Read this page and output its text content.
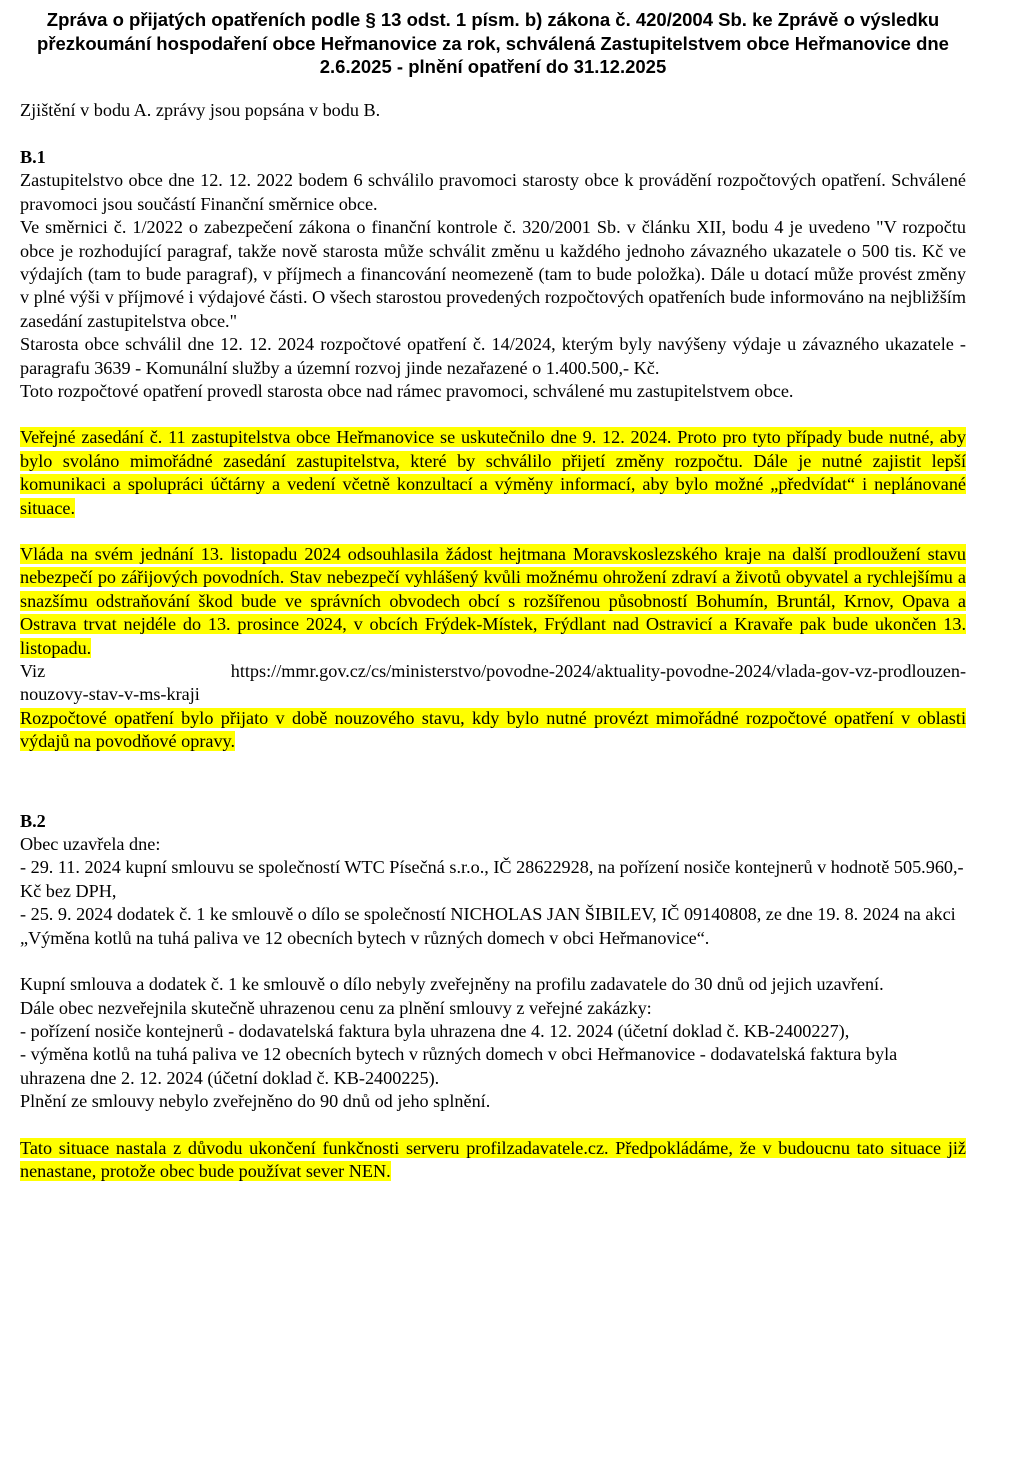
Zpráva o přijatých opatřeních podle § 13 odst. 1 písm. b) zákona č. 420/2004 Sb. ke Zprávě o výsledku přezkoumání hospodaření obce Heřmanovice za rok, schválená Zastupitelstvem obce Heřmanovice dne 2.6.2025 - plnění opatření do 31.12.2025

Zjištění v bodu A. zprávy jsou popsána v bodu B.

B.1

Zastupitelstvo obce dne 12. 12. 2022 bodem 6 schválilo pravomoci starosty obce k provádění rozpočtových opatření. Schválené pravomoci jsou součástí Finanční směrnice obce.

Ve směrnici č. 1/2022 o zabezpečení zákona o finanční kontrole č. 320/2001 Sb. v článku XII, bodu 4 je uvedeno "V rozpočtu obce je rozhodující paragraf, takže nově starosta může schválit změnu u každého jednoho závazného ukazatele o 500 tis. Kč ve výdajích (tam to bude paragraf), v příjmech a financování neomezeně (tam to bude položka). Dále u dotací může provést změny v plné výši v příjmové i výdajové části. O všech starostou provedených rozpočtových opatřeních bude informováno na nejbližším zasedání zastupitelstva obce."

Starosta obce schválil dne 12. 12. 2024 rozpočtové opatření č. 14/2024, kterým byly navýšeny výdaje u závazného ukazatele - paragrafu 3639 - Komunální služby a územní rozvoj jinde nezařazené o 1.400.500,- Kč.

Toto rozpočtové opatření provedl starosta obce nad rámec pravomoci, schválené mu zastupitelstvem obce.

Veřejné zasedání č. 11 zastupitelstva obce Heřmanovice se uskutečnilo dne 9. 12. 2024. Proto pro tyto případy bude nutné, aby bylo svoláno mimořádné zasedání zastupitelstva, které by schválilo přijetí změny rozpočtu. Dále je nutné zajistit lepší komunikaci a spolupráci účtárny a vedení včetně konzultací a výměny informací, aby bylo možné „předvídat“ i neplánované situace.

Vláda na svém jednání 13. listopadu 2024 odsouhlasila žádost hejtmana Moravskoslezského kraje na další prodloužení stavu nebezpečí po zářijových povodních. Stav nebezpečí vyhlášený kvůli možnému ohrožení zdraví a životů obyvatel a rychlejšímu a snazšímu odstraňování škod bude ve správních obvodech obcí s rozšířenou působností Bohumín, Bruntál, Krnov, Opava a Ostrava trvat nejdéle do 13. prosince 2024, v obcích Frýdek-Místek, Frýdlant nad Ostravicí a Kravaře pak bude ukončen 13. listopadu.

Viz	https://mmr.gov.cz/cs/ministerstvo/povodne-2024/aktuality-povodne-2024/vlada-gov-vz-prodlouzen-

nouzovy-stav-v-ms-kraji

Rozpočtové opatření bylo přijato v době nouzového stavu, kdy bylo nutné provézt mimořádné rozpočtové opatření v oblasti výdajů na povodňové opravy.

B.2

Obec uzavřela dne:

- 29. 11. 2024 kupní smlouvu se společností WTC Písečná s.r.o., IČ 28622928, na pořízení nosiče kontejnerů v hodnotě 505.960,- Kč bez DPH,

- 25. 9. 2024 dodatek č. 1 ke smlouvě o dílo se společností NICHOLAS JAN ŠIBILEV, IČ 09140808, ze dne 19. 8. 2024 na akci „Výměna kotlů na tuhá paliva ve 12 obecních bytech v různých domech v obci Heřmanovice“.

Kupní smlouva a dodatek č. 1 ke smlouvě o dílo nebyly zveřejněny na profilu zadavatele do 30 dnů od jejich uzavření.

Dále obec nezveřejnila skutečně uhrazenou cenu za plnění smlouvy z veřejné zakázky:

- pořízení nosiče kontejnerů - dodavatelská faktura byla uhrazena dne 4. 12. 2024 (účetní doklad č. KB-2400227),

- výměna kotlů na tuhá paliva ve 12 obecních bytech v různých domech v obci Heřmanovice - dodavatelská faktura byla uhrazena dne 2. 12. 2024 (účetní doklad č. KB-2400225).

Plnění ze smlouvy nebylo zveřejněno do 90 dnů od jeho splnění.

Tato situace nastala z důvodu ukončení funkčnosti serveru profilzadavatele.cz. Předpokládáme, že v budoucnu tato situace již nenastane, protože obec bude používat sever NEN.
